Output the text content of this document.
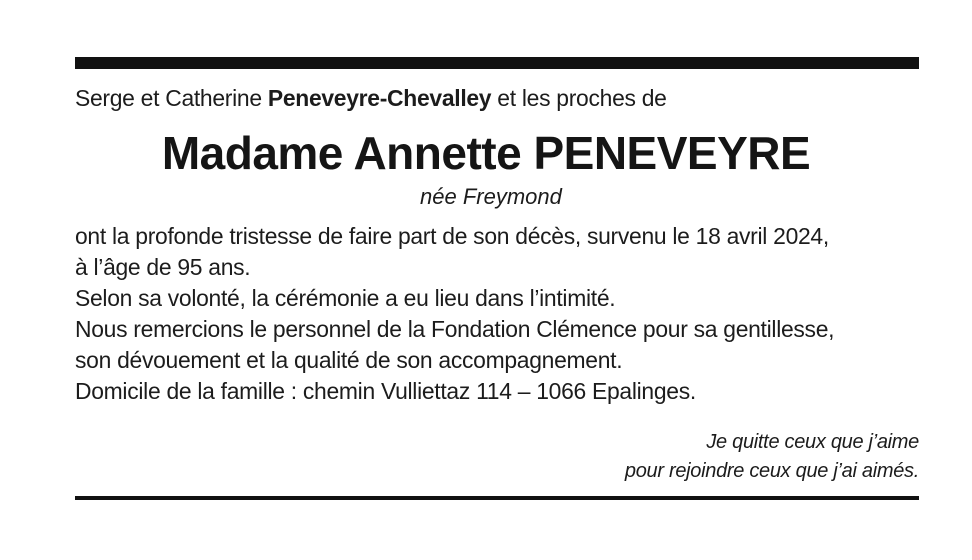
Serge et Catherine Peneveyre-Chevalley et les proches de
Madame Annette PENEVEYRE
née Freymond
ont la profonde tristesse de faire part de son décès, survenu le 18 avril 2024,
à l’âge de 95 ans.
Selon sa volonté, la cérémonie a eu lieu dans l’intimité.
Nous remercions le personnel de la Fondation Clémence pour sa gentillesse,
son dévouement et la qualité de son accompagnement.
Domicile de la famille : chemin Vulliettaz 114 – 1066 Epalinges.
Je quitte ceux que j’aime
pour rejoindre ceux que j’ai aimés.
